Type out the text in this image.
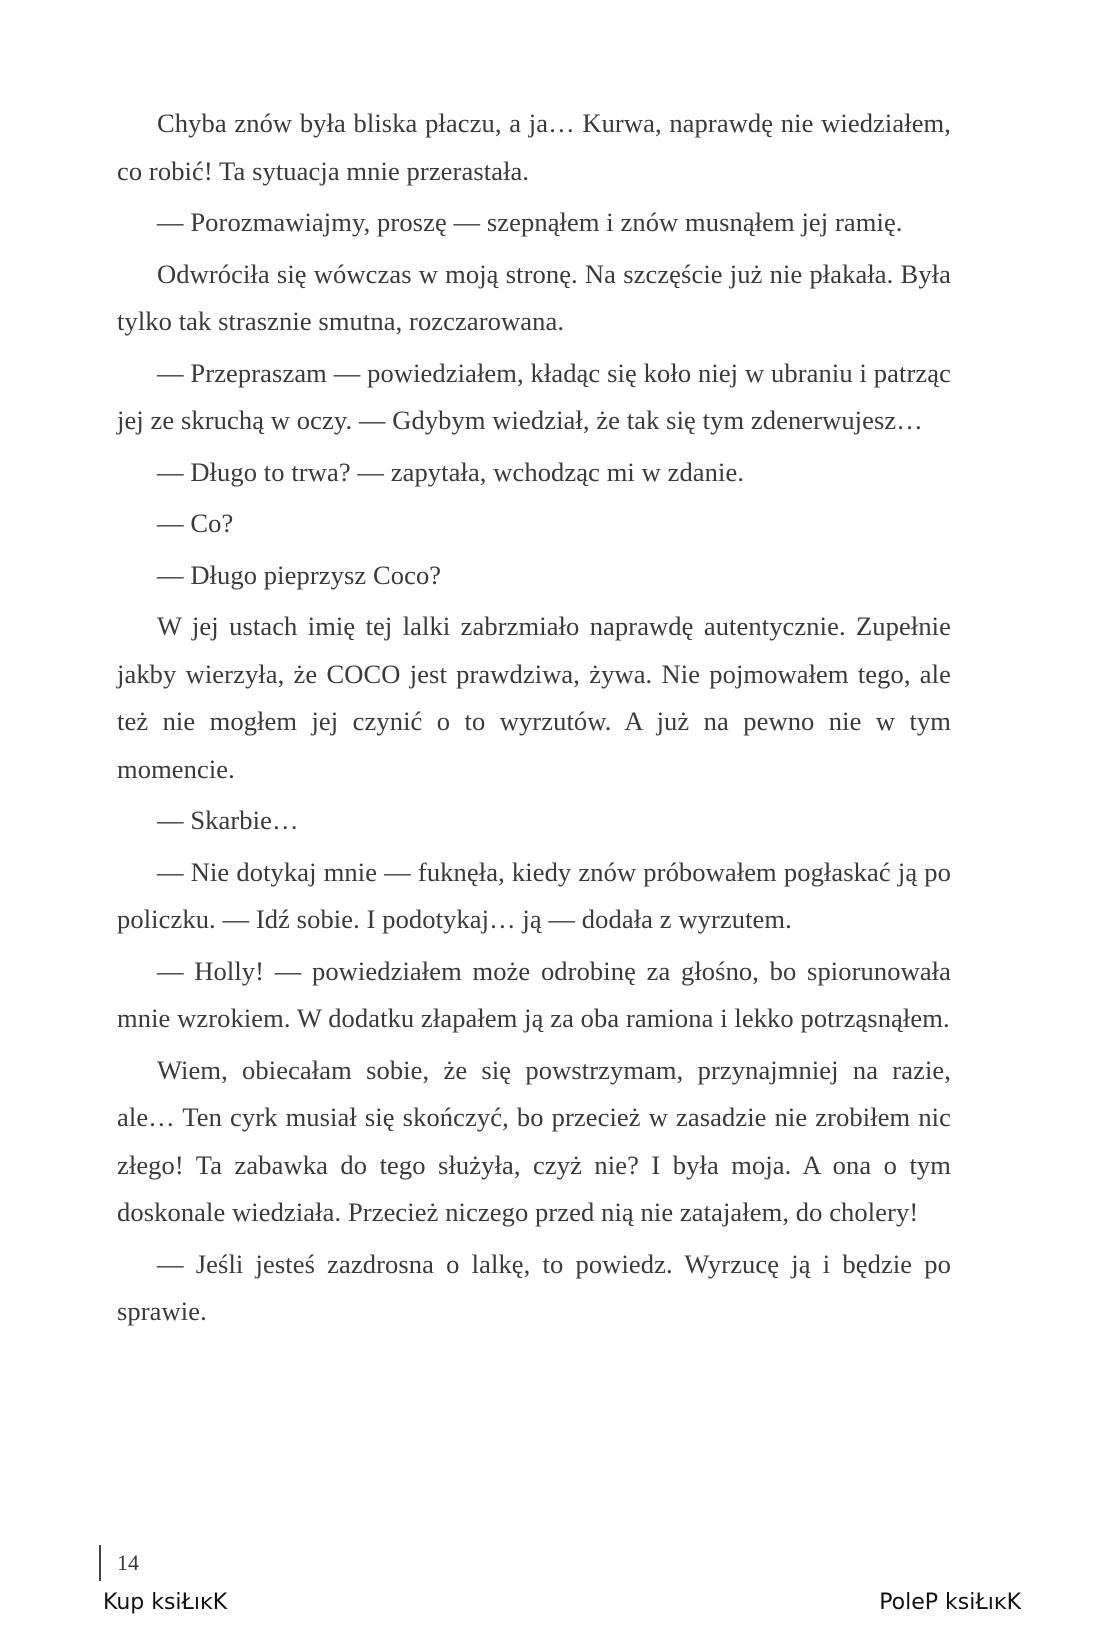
Chyba znów była bliska płaczu, a ja… Kurwa, naprawdę nie wiedziałem, co robić! Ta sytuacja mnie przerastała.

— Porozmawiajmy, proszę — szepnąłem i znów musnąłem jej ramię.

Odwróciła się wówczas w moją stronę. Na szczęście już nie płakała. Była tylko tak strasznie smutna, rozczarowana.

— Przepraszam — powiedziałem, kładąc się koło niej w ubraniu i patrząc jej ze skruchą w oczy. — Gdybym wiedział, że tak się tym zdenerwujesz…

— Długo to trwa? — zapytała, wchodząc mi w zdanie.

— Co?

— Długo pieprzysz Coco?

W jej ustach imię tej lalki zabrzmiało naprawdę autentycznie. Zupełnie jakby wierzyła, że COCO jest prawdziwa, żywa. Nie pojmowałem tego, ale też nie mogłem jej czynić o to wyrzutów. A już na pewno nie w tym momencie.

— Skarbie…

— Nie dotykaj mnie — fuknęła, kiedy znów próbowałem pogłaskać ją po policzku. — Idź sobie. I podotykaj… ją — dodała z wyrzutem.

— Holly! — powiedziałem może odrobinę za głośno, bo spiorunowała mnie wzrokiem. W dodatku złapałem ją za oba ramiona i lekko potrząsnąłem.

Wiem, obiecałam sobie, że się powstrzymam, przynajmniej na razie, ale… Ten cyrk musiał się skończyć, bo przecież w zasadzie nie zrobiłem nic złego! Ta zabawka do tego służyła, czyż nie? I była moja. A ona o tym doskonale wiedziała. Przecież niczego przed nią nie zatajałem, do cholery!

— Jeśli jesteś zazdrosna o lalkę, to powiedz. Wyrzucę ją i będzie po sprawie.

14
Kup ksiŁıĸK	PoleP ksiŁıĸK
